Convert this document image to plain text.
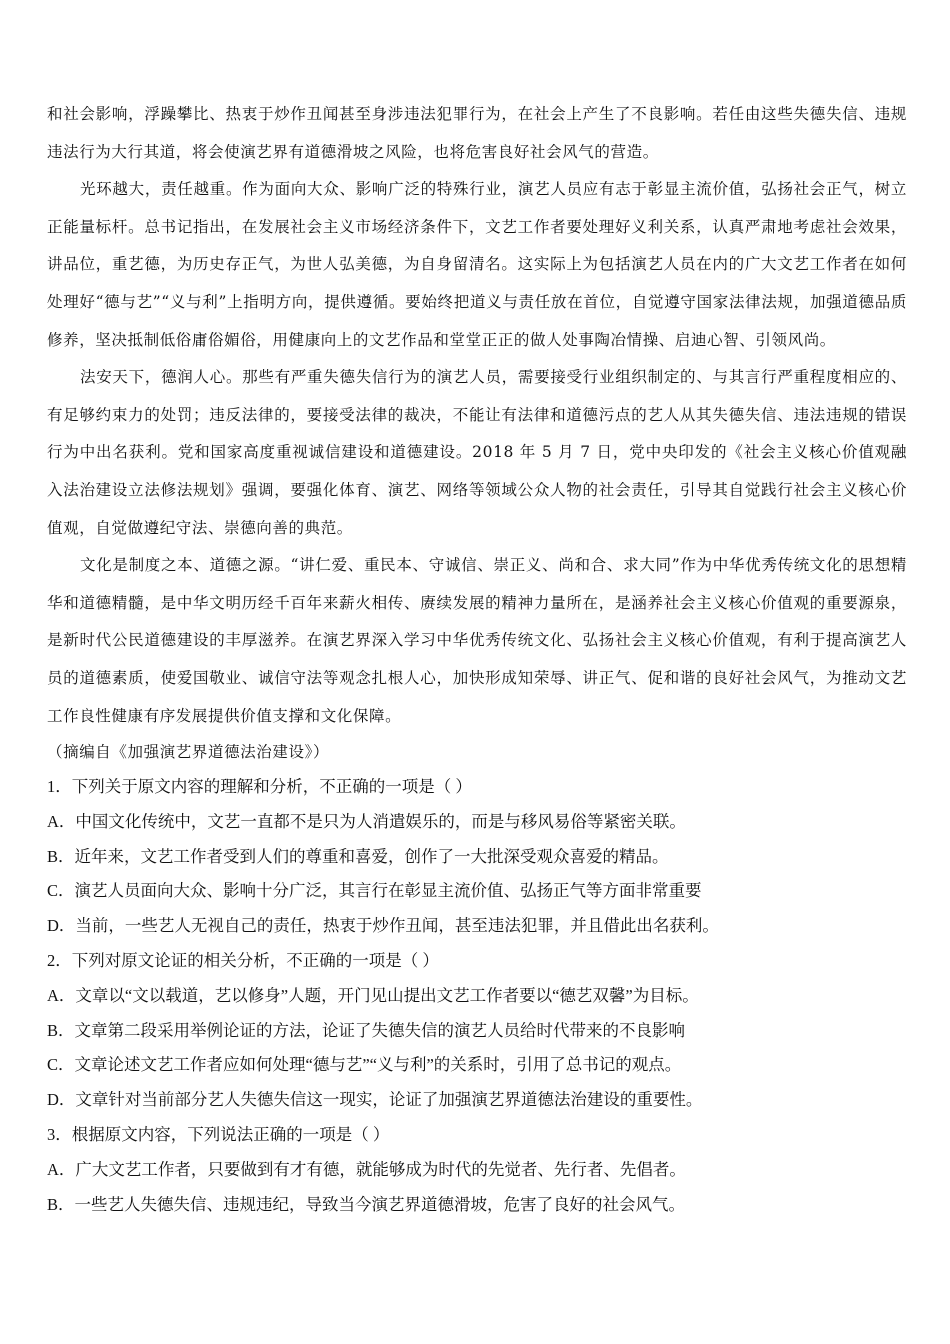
和社会影响，浮躁攀比、热衷于炒作丑闻甚至身涉违法犯罪行为，在社会上产生了不良影响。若任由这些失德失信、违规违法行为大行其道，将会使演艺界有道德滑坡之风险，也将危害良好社会风气的营造。

光环越大，责任越重。作为面向大众、影响广泛的特殊行业，演艺人员应有志于彰显主流价值，弘扬社会正气，树立正能量标杆。总书记指出，在发展社会主义市场经济条件下，文艺工作者要处理好义利关系，认真严肃地考虑社会效果，讲品位，重艺德，为历史存正气，为世人弘美德，为自身留清名。这实际上为包括演艺人员在内的广大文艺工作者在如何处理好“德与艺”“义与利”上指明方向，提供遵循。要始终把道义与责任放在首位，自觉遵守国家法律法规，加强道德品质修养，坚决抵制低俗庸俗媚俗，用健康向上的文艺作品和堂堂正正的做人处事陶冶情操、启迪心智、引领风尚。

法安天下，德润人心。那些有严重失德失信行为的演艺人员，需要接受行业组织制定的、与其言行严重程度相应的、有足够约束力的处罚；违反法律的，要接受法律的裁决，不能让有法律和道德污点的艺人从其失德失信、违法违规的错误行为中出名获利。党和国家高度重视诚信建设和道德建设。2018 年 5 月 7 日，党中央印发的《社会主义核心价值观融入法治建设立法修法规划》强调，要强化体育、演艺、网络等领域公众人物的社会责任，引导其自觉践行社会主义核心价值观，自觉做遵纪守法、崇德向善的典范。

文化是制度之本、道德之源。“讲仁爱、重民本、守诚信、崇正义、尚和合、求大同”作为中华优秀传统文化的思想精华和道德精髓，是中华文明历经千百年来薪火相传、赓续发展的精神力量所在，是涵养社会主义核心价值观的重要源泉，是新时代公民道德建设的丰厚滋养。在演艺界深入学习中华优秀传统文化、弘扬社会主义核心价值观，有利于提高演艺人员的道德素质，使爱国敬业、诚信守法等观念扎根人心，加快形成知荣辱、讲正气、促和谐的良好社会风气，为推动文艺工作良性健康有序发展提供价值支撑和文化保障。

（摘编自《加强演艺界道德法治建设》）

1．下列关于原文内容的理解和分析，不正确的一项是（ ）

A．中国文化传统中，文艺一直都不是只为人消遣娱乐的，而是与移风易俗等紧密关联。

B．近年来，文艺工作者受到人们的尊重和喜爱，创作了一大批深受观众喜爱的精品。

C．演艺人员面向大众、影响十分广泛，其言行在彰显主流价值、弘扬正气等方面非常重要

D．当前，一些艺人无视自己的责任，热衷于炒作丑闻，甚至违法犯罪，并且借此出名获利。

2．下列对原文论证的相关分析，不正确的一项是（ ）

A．文章以“文以载道，艺以修身”人题，开门见山提出文艺工作者要以“德艺双馨”为目标。

B．文章第二段采用举例论证的方法，论证了失德失信的演艺人员给时代带来的不良影响

C．文章论述文艺工作者应如何处理“德与艺”“义与利”的关系时，引用了总书记的观点。

D．文章针对当前部分艺人失德失信这一现实，论证了加强演艺界道德法治建设的重要性。

3．根据原文内容，下列说法正确的一项是（ ）

A．广大文艺工作者，只要做到有才有德，就能够成为时代的先觉者、先行者、先倡者。

B．一些艺人失德失信、违规违纪，导致当今演艺界道德滑坡，危害了良好的社会风气。
